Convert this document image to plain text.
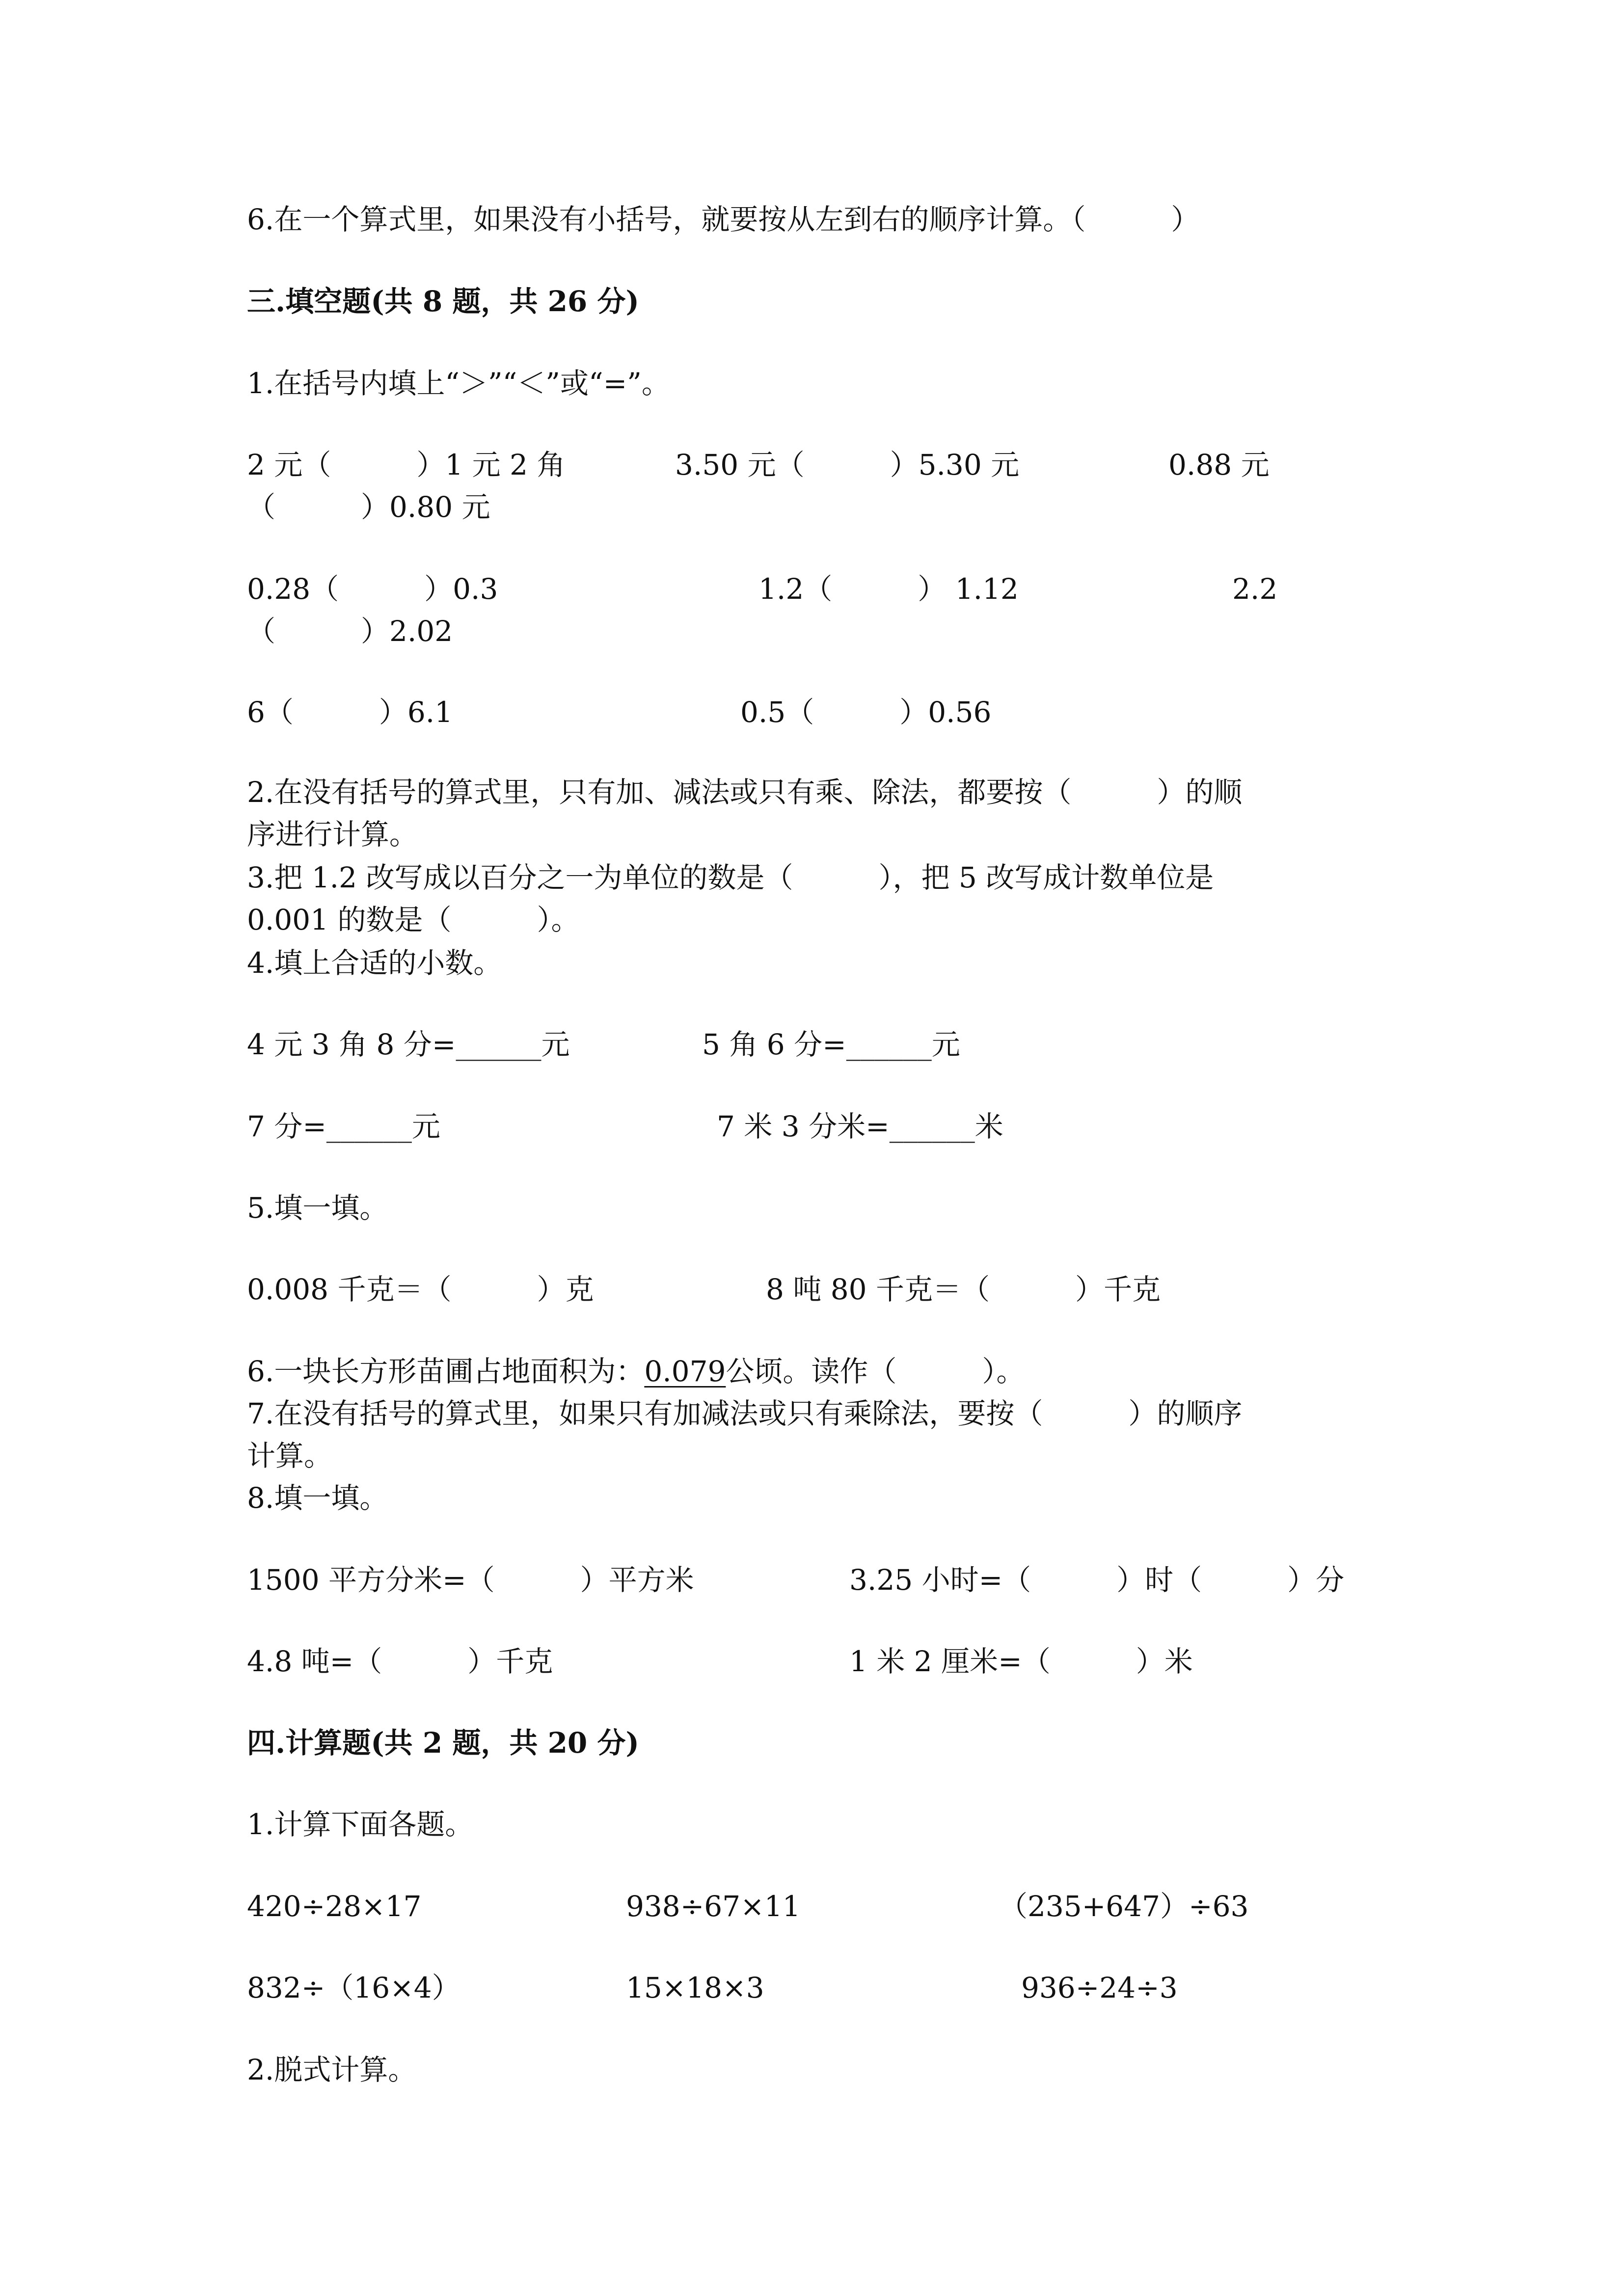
6.在一个算式里，如果没有小括号，就要按从左到右的顺序计算。（　　　）
三.填空题(共 8 题，共 26 分)
1.在括号内填上“＞”“＜”或“=”。
2 元（　　　）1 元 2 角	3.50 元（　　　）5.30 元	0.88 元
（　　　）0.80 元
0.28（　　　）0.3	1.2（　　　） 1.12	2.2
（　　　）2.02
6（　　　）6.1	0.5（　　　）0.56
2.在没有括号的算式里，只有加、减法或只有乘、除法，都要按（　　　）的顺
序进行计算。
3.把 1.2 改写成以百分之一为单位的数是（　　　），把 5 改写成计数单位是
0.001 的数是（　　　）。
4.填上合适的小数。
4 元 3 角 8 分=______元	5 角 6 分=______元
7 分=______元	7 米 3 分米=______米
5.填一填。
0.008 千克＝（　　　）克	8 吨 80 千克＝（　　　）千克
6.一块长方形苗圃占地面积为：0.079公顷。读作（　　　）。
7.在没有括号的算式里，如果只有加减法或只有乘除法，要按（　　　）的顺序
计算。
8.填一填。
1500 平方分米=（　　　）平方米	3.25 小时=（　　　）时（　　　）分
4.8 吨=（　　　）千克	1 米 2 厘米=（　　　）米
四.计算题(共 2 题，共 20 分)
1.计算下面各题。
420÷28×17	938÷67×11	（235+647）÷63
832÷（16×4）	15×18×3	936÷24÷3
2.脱式计算。
